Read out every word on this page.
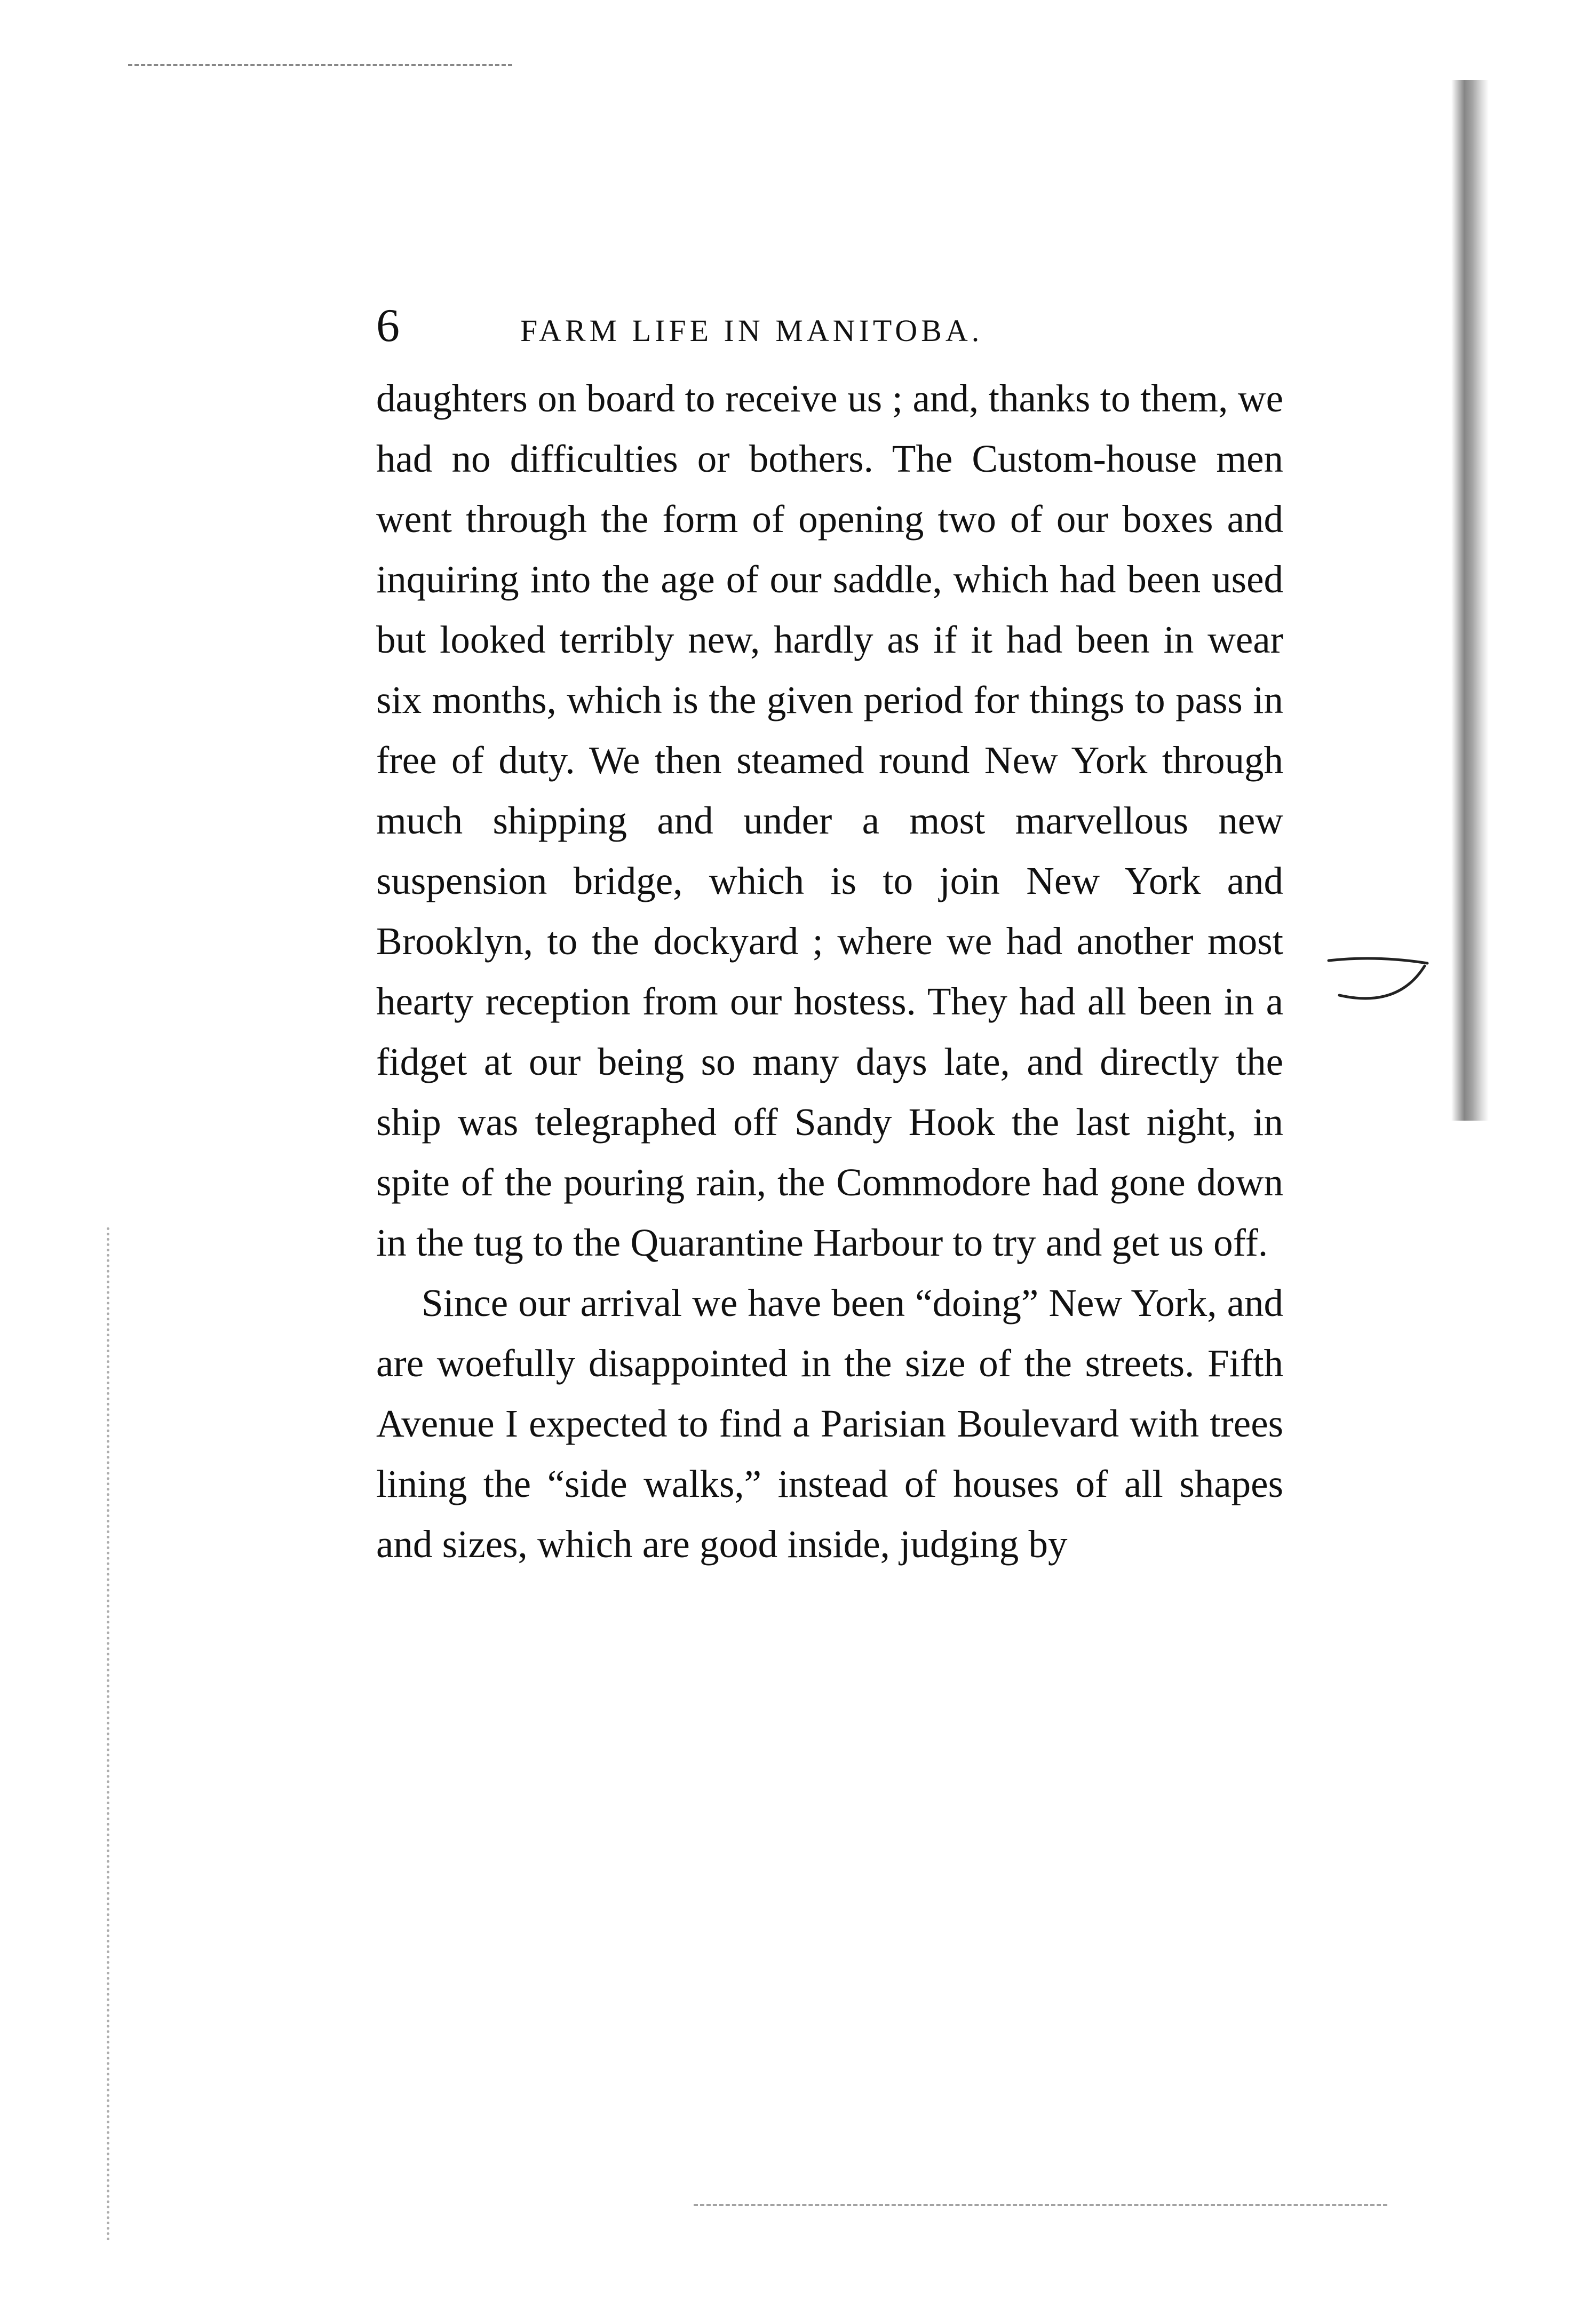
6	FARM LIFE IN MANITOBA.

daughters on board to receive us ; and, thanks to them, we had no difficulties or bothers. The Custom-house men went through the form of opening two of our boxes and inquiring into the age of our saddle, which had been used but looked terribly new, hardly as if it had been in wear six months, which is the given period for things to pass in free of duty. We then steamed round New York through much shipping and under a most marvellous new suspension bridge, which is to join New York and Brooklyn, to the dockyard ; where we had another most hearty reception from our hostess. They had all been in a fidget at our being so many days late, and directly the ship was telegraphed off Sandy Hook the last night, in spite of the pouring rain, the Commodore had gone down in the tug to the Quarantine Harbour to try and get us off.

Since our arrival we have been “doing” New York, and are woefully disappointed in the size of the streets. Fifth Avenue I expected to find a Parisian Boulevard with trees lining the “side walks,” instead of houses of all shapes and sizes, which are good inside, judging by
